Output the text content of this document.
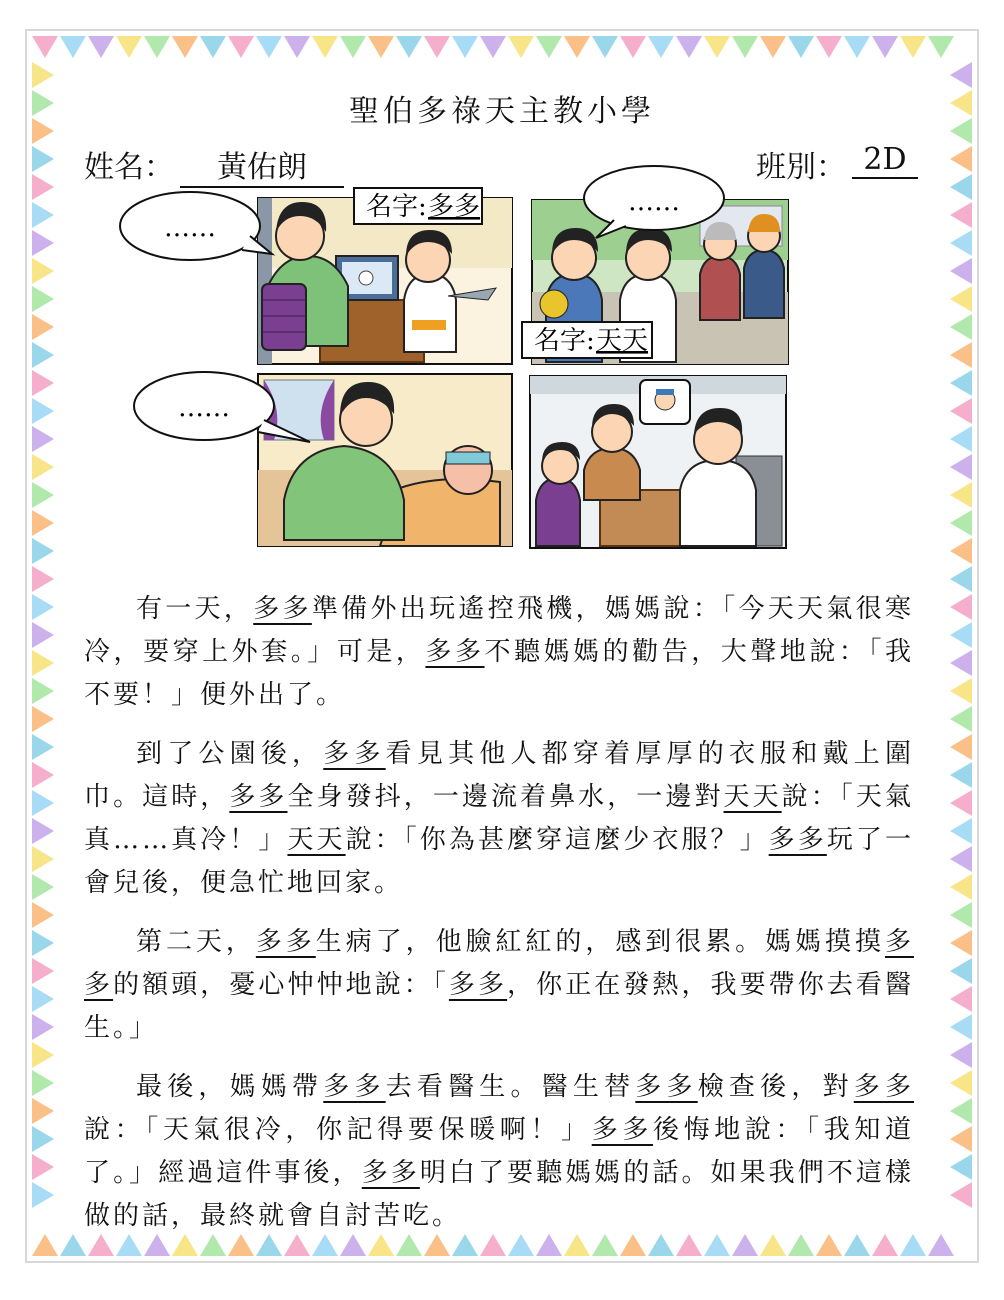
聖伯多祿天主教小學
姓名：	黃佑朗	班別： 2D
名字: 多多
……
名字: 天天
……
……

有一天，多多準備外出玩遙控飛機，媽媽說：「今天天氣很寒冷，要穿上外套。」可是，多多不聽媽媽的勸告，大聲地說：「我不要！」便外出了。

到了公園後，多多看見其他人都穿着厚厚的衣服和戴上圍巾。這時，多多全身發抖，一邊流着鼻水，一邊對天天說：「天氣真……真冷！」天天說：「你為甚麼穿這麼少衣服？」多多玩了一會兒後，便急忙地回家。

第二天，多多生病了，他臉紅紅的，感到很累。媽媽摸摸多多的額頭，憂心忡忡地說：「多多，你正在發熱，我要帶你去看醫生。」

最後，媽媽帶多多去看醫生。醫生替多多檢查後，對多多說：「天氣很冷，你記得要保暖啊！」多多後悔地說：「我知道了。」經過這件事後，多多明白了要聽媽媽的話。如果我們不這樣做的話，最終就會自討苦吃。
